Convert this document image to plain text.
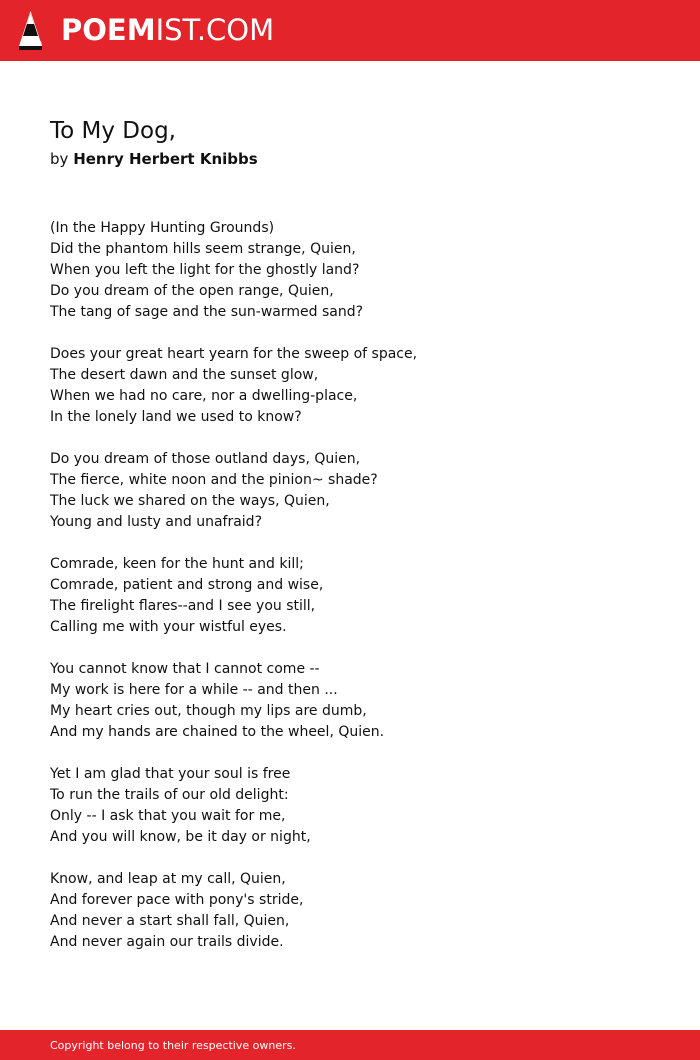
POEMIST.COM
To My Dog,
by Henry Herbert Knibbs
(In the Happy Hunting Grounds)
Did the phantom hills seem strange, Quien,
When you left the light for the ghostly land?
Do you dream of the open range, Quien,
The tang of sage and the sun-warmed sand?
Does your great heart yearn for the sweep of space,
The desert dawn and the sunset glow,
When we had no care, nor a dwelling-place,
In the lonely land we used to know?
Do you dream of those outland days, Quien,
The fierce, white noon and the pinion~ shade?
The luck we shared on the ways, Quien,
Young and lusty and unafraid?
Comrade, keen for the hunt and kill;
Comrade, patient and strong and wise,
The firelight flares--and I see you still,
Calling me with your wistful eyes.
You cannot know that I cannot come --
My work is here for a while -- and then ...
My heart cries out, though my lips are dumb,
And my hands are chained to the wheel, Quien.
Yet I am glad that your soul is free
To run the trails of our old delight:
Only -- I ask that you wait for me,
And you will know, be it day or night,
Know, and leap at my call, Quien,
And forever pace with pony's stride,
And never a start shall fall, Quien,
And never again our trails divide.
Copyright belong to their respective owners.
